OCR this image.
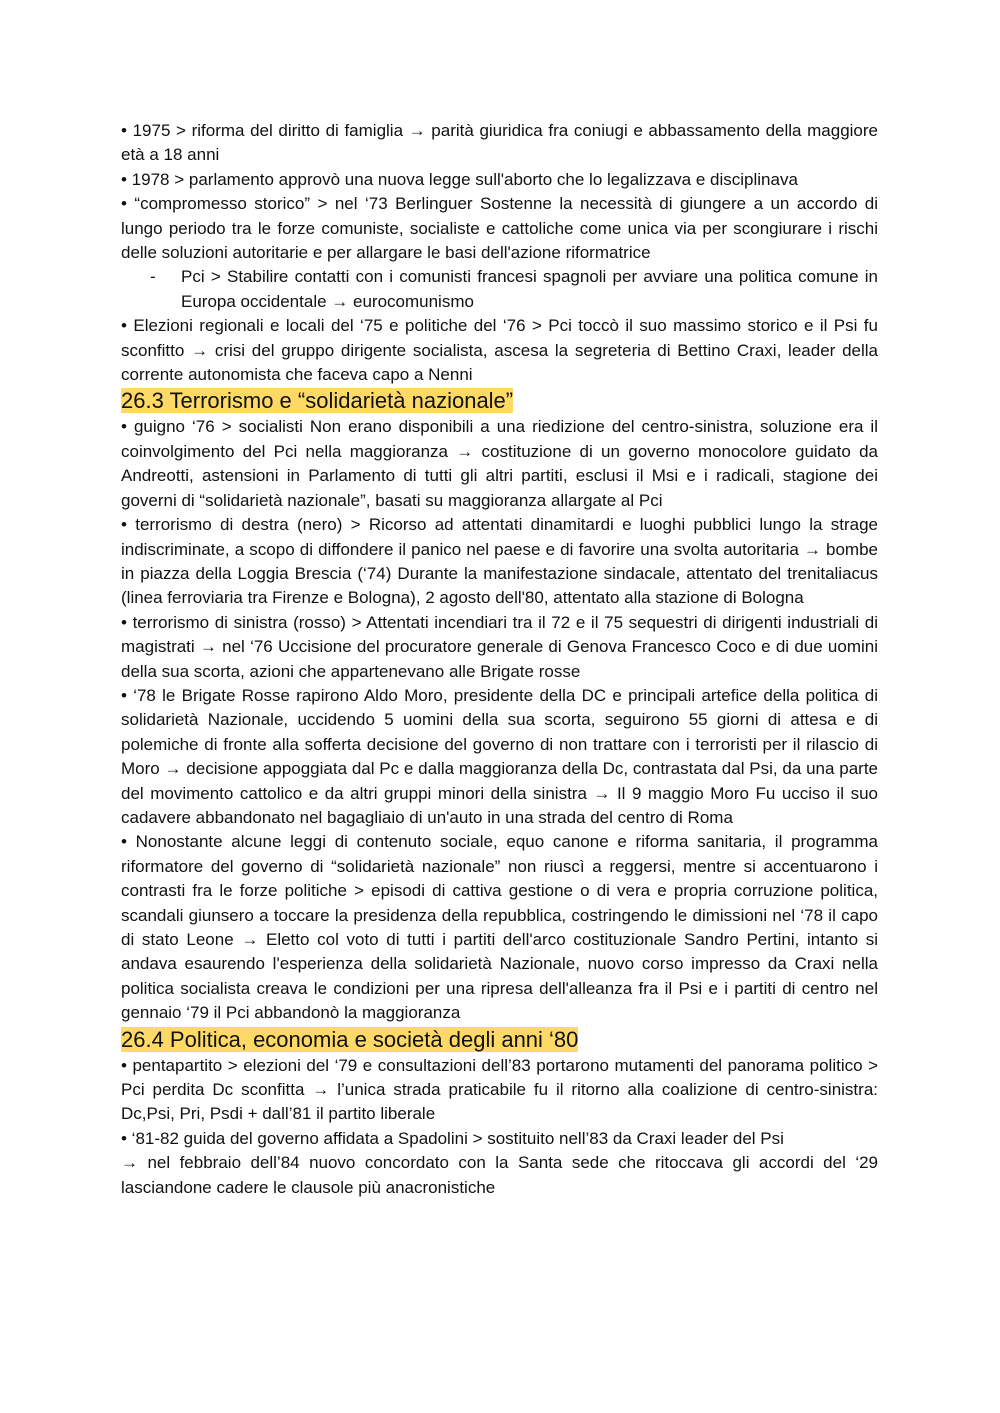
• 1975 > riforma del diritto di famiglia → parità giuridica fra coniugi e abbassamento della maggiore età a 18 anni

• 1978 > parlamento approvò una nuova legge sull'aborto che lo legalizzava e disciplinava

• “compromesso storico” > nel ‘73 Berlinguer Sostenne la necessità di giungere a un accordo di lungo periodo tra le forze comuniste, socialiste e cattoliche come unica via per scongiurare i rischi delle soluzioni autoritarie e per allargare le basi dell'azione riformatrice

- Pci > Stabilire contatti con i comunisti francesi spagnoli per avviare una politica comune in Europa occidentale → eurocomunismo

• Elezioni regionali e locali del ‘75 e politiche del ‘76 > Pci toccò il suo massimo storico e il Psi fu sconfitto → crisi del gruppo dirigente socialista, ascesa la segreteria di Bettino Craxi, leader della corrente autonomista che faceva capo a Nenni

26.3 Terrorismo e “solidarietà nazionale”

• guigno ‘76 > socialisti Non erano disponibili a una riedizione del centro-sinistra, soluzione era il coinvolgimento del Pci nella maggioranza → costituzione di un governo monocolore guidato da Andreotti, astensioni in Parlamento di tutti gli altri partiti, esclusi il Msi e i radicali, stagione dei governi di “solidarietà nazionale”, basati su maggioranza allargate al Pci

• terrorismo di destra (nero) > Ricorso ad attentati dinamitardi e luoghi pubblici lungo la strage indiscriminate, a scopo di diffondere il panico nel paese e di favorire una svolta autoritaria → bombe in piazza della Loggia Brescia (‘74) Durante la manifestazione sindacale, attentato del trenitaliacus (linea ferroviaria tra Firenze e Bologna), 2 agosto dell'80, attentato alla stazione di Bologna

• terrorismo di sinistra (rosso) > Attentati incendiari tra il 72 e il 75 sequestri di dirigenti industriali di magistrati → nel ‘76 Uccisione del procuratore generale di Genova Francesco Coco e di due uomini della sua scorta, azioni che appartenevano alle Brigate rosse

• ‘78 le Brigate Rosse rapirono Aldo Moro, presidente della DC e principali artefice della politica di solidarietà Nazionale, uccidendo 5 uomini della sua scorta, seguirono 55 giorni di attesa e di polemiche di fronte alla sofferta decisione del governo di non trattare con i terroristi per il rilascio di Moro → decisione appoggiata dal Pc e dalla maggioranza della Dc, contrastata dal Psi, da una parte del movimento cattolico e da altri gruppi minori della sinistra → Il 9 maggio Moro Fu ucciso il suo cadavere abbandonato nel bagagliaio di un'auto in una strada del centro di Roma

• Nonostante alcune leggi di contenuto sociale, equo canone e riforma sanitaria, il programma riformatore del governo di “solidarietà nazionale” non riuscì a reggersi, mentre si accentuarono i contrasti fra le forze politiche > episodi di cattiva gestione o di vera e propria corruzione politica, scandali giunsero a toccare la presidenza della repubblica, costringendo le dimissioni nel ‘78 il capo di stato Leone → Eletto col voto di tutti i partiti dell'arco costituzionale Sandro Pertini, intanto si andava esaurendo l'esperienza della solidarietà Nazionale, nuovo corso impresso da Craxi nella politica socialista creava le condizioni per una ripresa dell'alleanza fra il Psi e i partiti di centro nel gennaio ‘79 il Pci abbandonò la maggioranza

26.4 Politica, economia e società degli anni ‘80

• pentapartito > elezioni del ‘79 e consultazioni dell’83 portarono mutamenti del panorama politico > Pci perdita Dc sconfitta → l’unica strada praticabile fu il ritorno alla coalizione di centro-sinistra: Dc,Psi, Pri, Psdi + dall’81 il partito liberale

• ‘81-82 guida del governo affidata a Spadolini > sostituito nell’83 da Craxi leader del Psi

→ nel febbraio dell’84 nuovo concordato con la Santa sede che ritoccava gli accordi del ‘29 lasciandone cadere le clausole più anacronistiche
